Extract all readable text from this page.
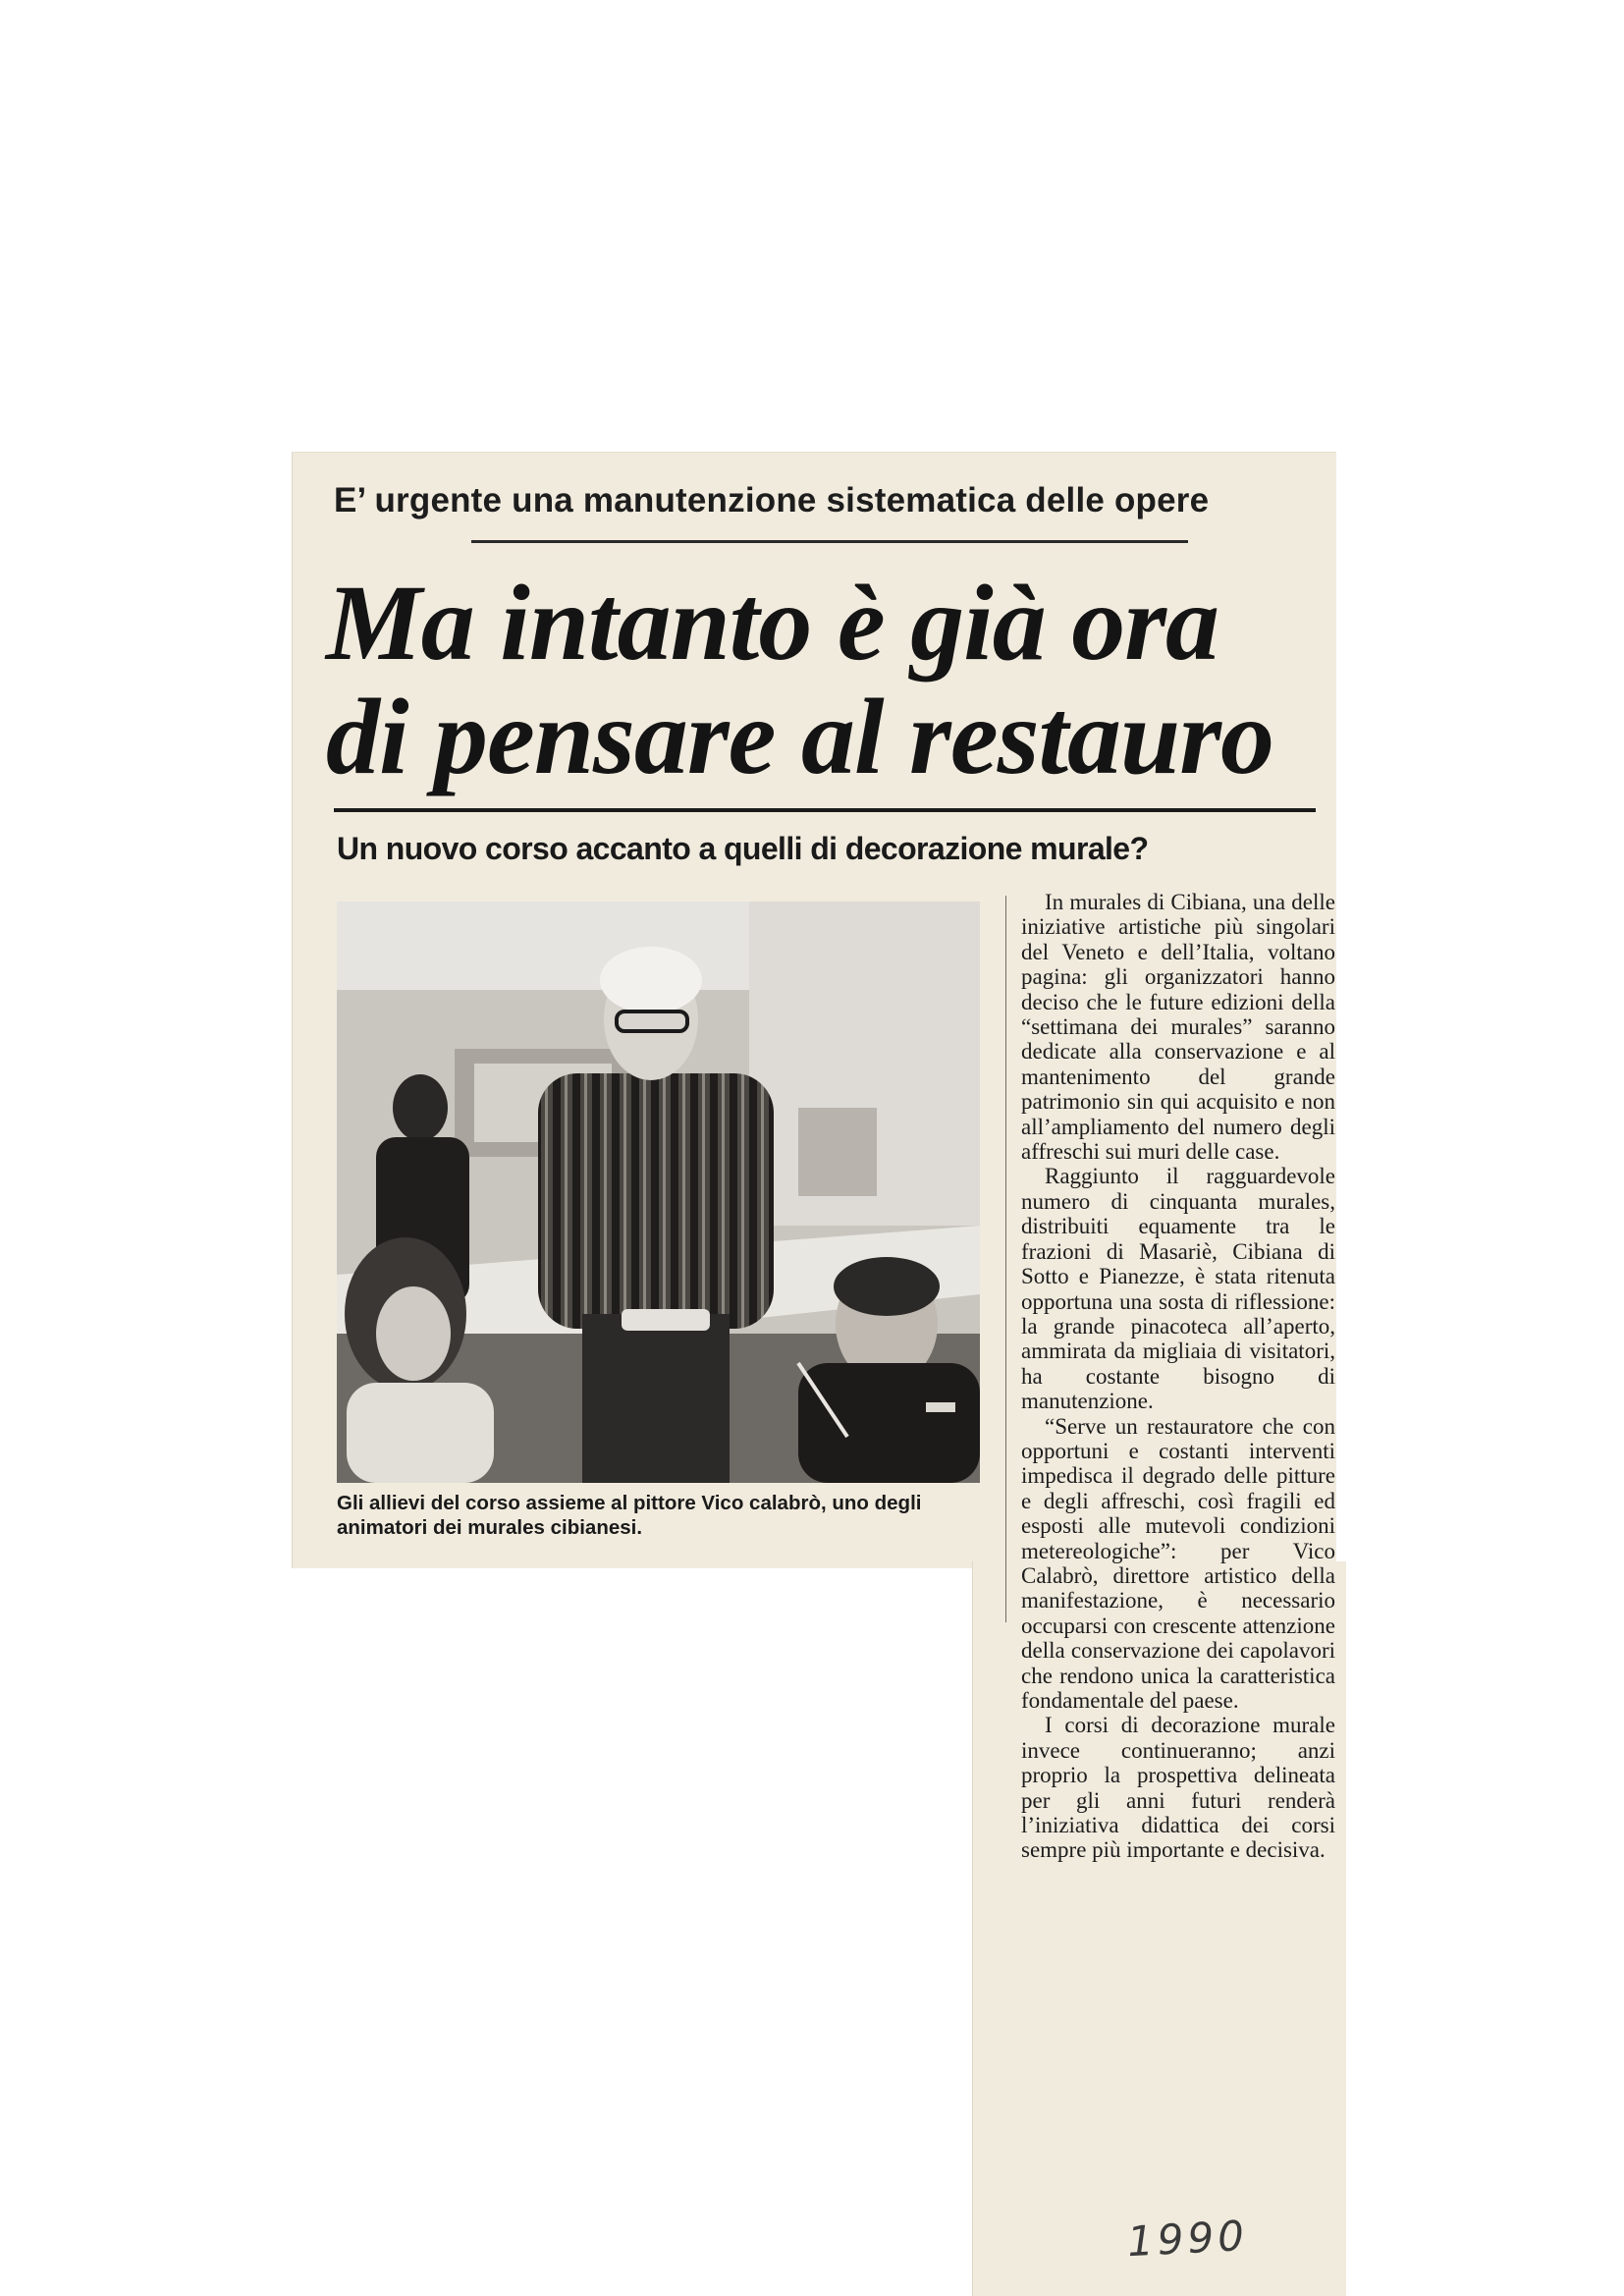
E’ urgente una manutenzione sistematica delle opere
Ma intanto è già ora
di pensare al restauro
Un nuovo corso accanto a quelli di decorazione murale?

Gli allievi del corso assieme al pittore Vico calabrò, uno degli animatori dei murales cibianesi.

In murales di Cibiana, una delle iniziative artistiche più singolari del Veneto e dell’Italia, voltano pagina: gli organizzatori hanno deciso che le future edizioni della “settimana dei murales” saranno dedicate alla conservazione e al mantenimento del grande patrimonio sin qui acquisito e non all’ampliamento del numero degli affreschi sui muri delle case.

Raggiunto il ragguardevole numero di cinquanta murales, distribuiti equamente tra le frazioni di Masariè, Cibiana di Sotto e Pianezze, è stata ritenuta opportuna una sosta di riflessione: la grande pinacoteca all’aperto, ammirata da migliaia di visitatori, ha costante bisogno di manutenzione.

“Serve un restauratore che con opportuni e costanti interventi impedisca il degrado delle pitture e degli affreschi, così fragili ed esposti alle mutevoli condizioni metereologiche”: per Vico Calabrò, direttore artistico della manifestazione, è necessario occuparsi con crescente attenzione della conservazione dei capolavori che rendono unica la caratteristica fondamentale del paese.

I corsi di decorazione murale invece continueranno; anzi proprio la prospettiva delineata per gli anni futuri renderà l’iniziativa didattica dei corsi sempre più importante e decisiva.

1990
